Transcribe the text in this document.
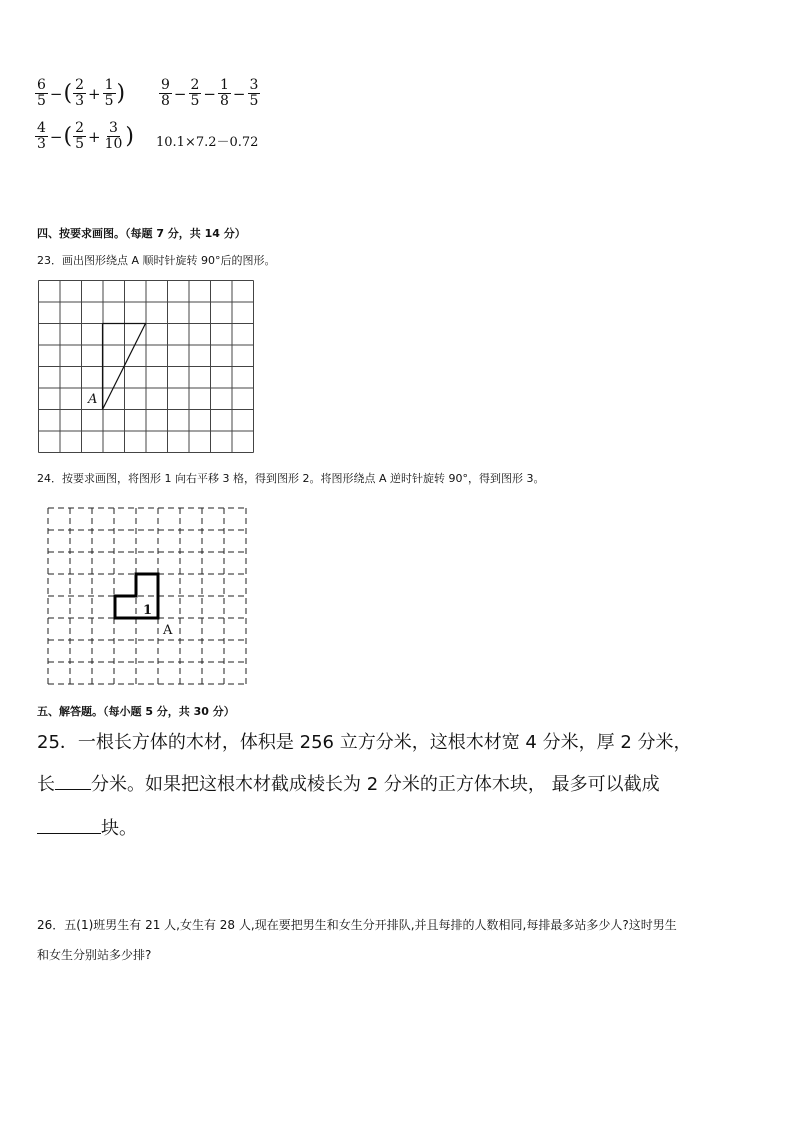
$\frac{6}{5}$ −( $\frac{2}{3} + \frac{1}{5}$ ) $\frac{9}{8} - \frac{2}{5} - \frac{1}{8} - \frac{3}{5}$
$\frac{4}{3}$ −( $\frac{2}{5} + \frac{3}{10}$ ) 10.1×7.2－0.72
四、按要求画图。（每题 7 分，共 14 分）
23．画出图形绕点 A 顺时针旋转 90°后的图形。
A
24．按要求画图，将图形 1 向右平移 3 格，得到图形 2。将图形绕点 A 逆时针旋转 90°，得到图形 3。
1
A
五、解答题。（每小题 5 分，共 30 分）
25．一根长方体的木材，体积是 256 立方分米，这根木材宽 4 分米，厚 2 分米，
长 分米。如果把这根木材截成棱长为 2 分米的正方体木块， 最多可以截成
块。
26．五(1)班男生有 21 人,女生有 28 人,现在要把男生和女生分开排队,并且每排的人数相同,每排最多站多少人?这时男生
和女生分别站多少排?
